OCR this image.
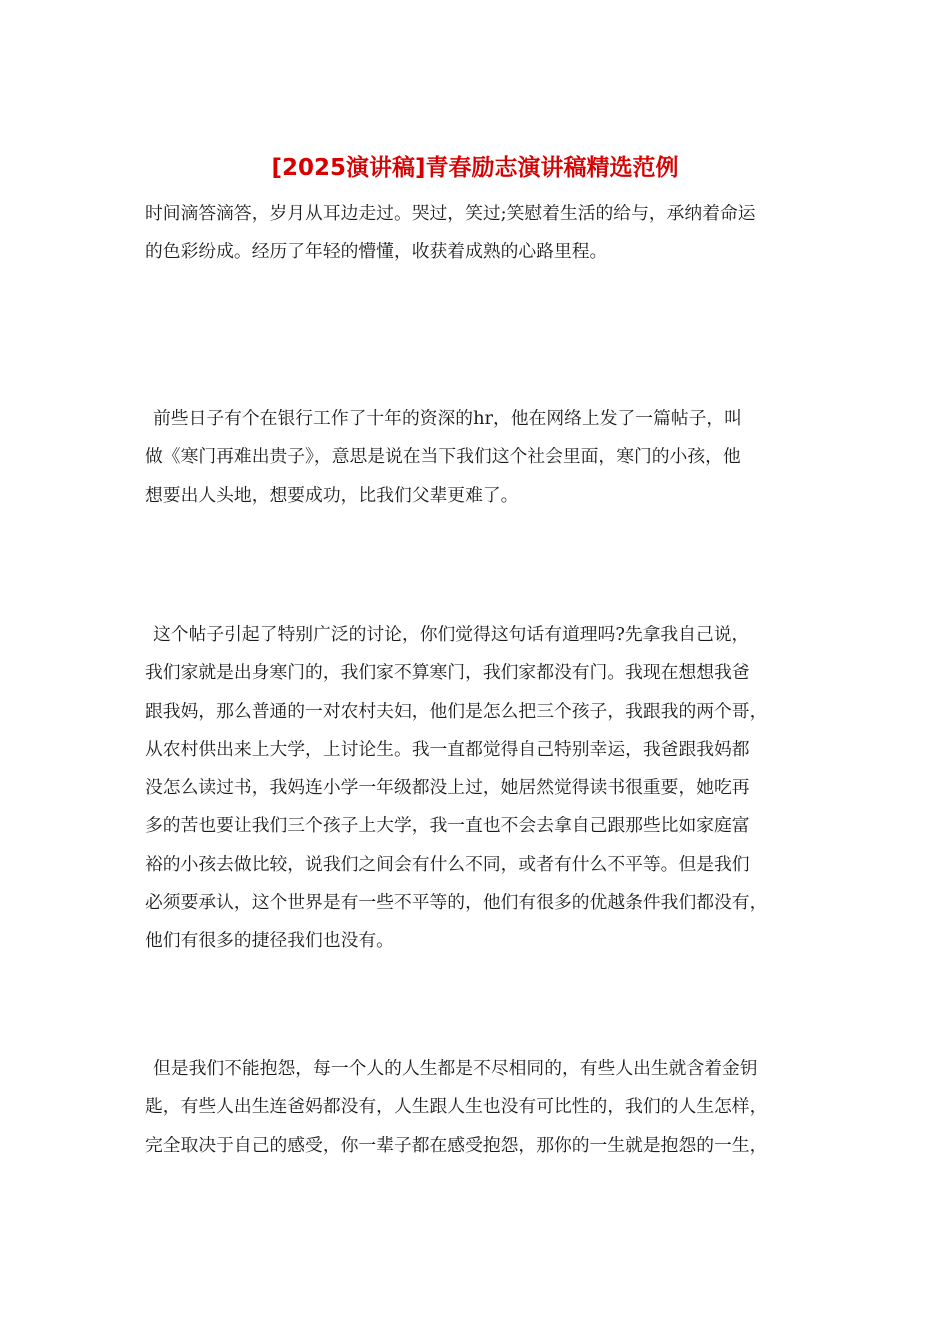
[2025演讲稿]青春励志演讲稿精选范例
时间滴答滴答，岁月从耳边走过。哭过，笑过;笑慰着生活的给与，承纳着命运
的色彩纷成。经历了年轻的懵懂，收获着成熟的心路里程。
前些日子有个在银行工作了十年的资深的hr，他在网络上发了一篇帖子，叫
做《寒门再难出贵子》，意思是说在当下我们这个社会里面，寒门的小孩，他
想要出人头地，想要成功，比我们父辈更难了。
这个帖子引起了特别广泛的讨论，你们觉得这句话有道理吗?先拿我自己说，
我们家就是出身寒门的，我们家不算寒门，我们家都没有门。我现在想想我爸
跟我妈，那么普通的一对农村夫妇，他们是怎么把三个孩子，我跟我的两个哥，
从农村供出来上大学，上讨论生。我一直都觉得自己特别幸运，我爸跟我妈都
没怎么读过书，我妈连小学一年级都没上过，她居然觉得读书很重要，她吃再
多的苦也要让我们三个孩子上大学，我一直也不会去拿自己跟那些比如家庭富
裕的小孩去做比较，说我们之间会有什么不同，或者有什么不平等。但是我们
必须要承认，这个世界是有一些不平等的，他们有很多的优越条件我们都没有，
他们有很多的捷径我们也没有。
但是我们不能抱怨，每一个人的人生都是不尽相同的，有些人出生就含着金钥
匙，有些人出生连爸妈都没有，人生跟人生也没有可比性的，我们的人生怎样，
完全取决于自己的感受，你一辈子都在感受抱怨，那你的一生就是抱怨的一生，
